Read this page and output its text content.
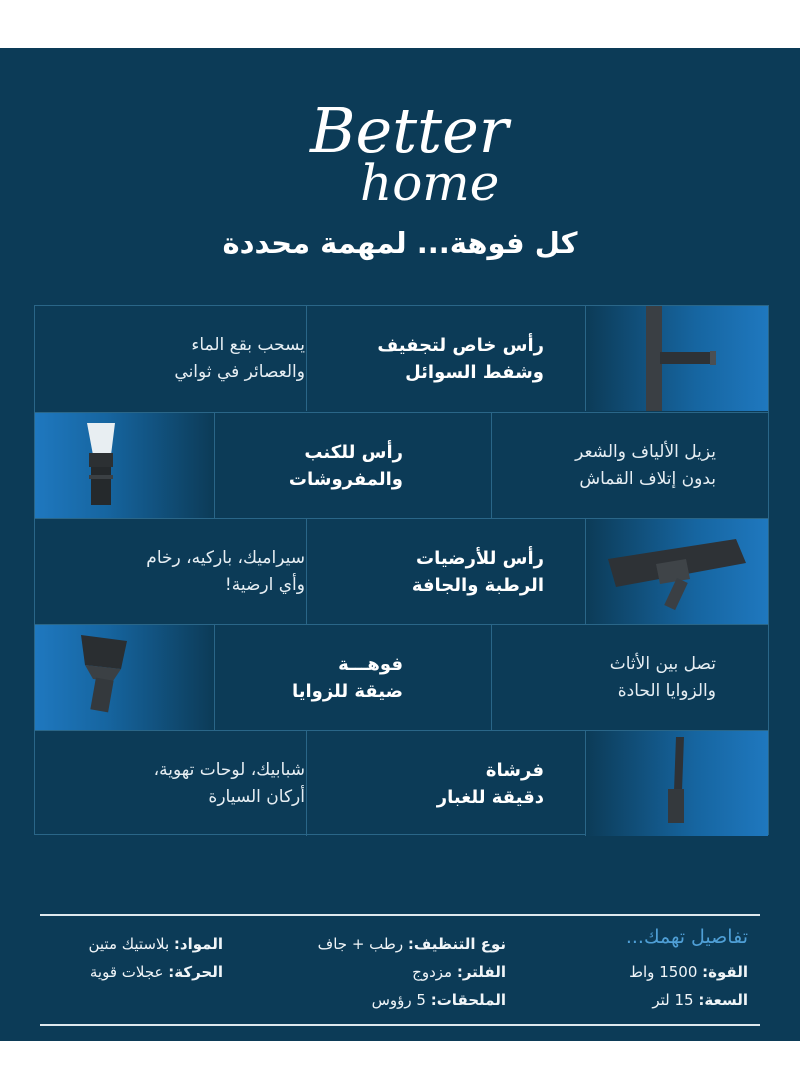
Better
home
كل فوهة... لمهمة محددة
يسحب بقع الماء
والعصائر في ثواني
رأس خاص لتجفيف
وشفط السوائل
رأس للكنب
والمفروشات
يزيل الألياف والشعر
بدون إتلاف القماش
سيراميك، باركيه، رخام
وأي ارضية!
رأس للأرضيات
الرطبة والجافة
فوهـــة
ضيقة للزوايا
تصل بين الأثاث
والزوايا الحادة
شبابيك، لوحات تهوية،
أركان السيارة
فرشاة
دقيقة للغبار
تفاصيل تهمك...
القوة: 1500 واط
السعة: 15 لتر
نوع التنظيف: رطب + جاف
الفلتر: مزدوج
الملحقات: 5 رؤوس
المواد: بلاستيك متين
الحركة: عجلات قوية
